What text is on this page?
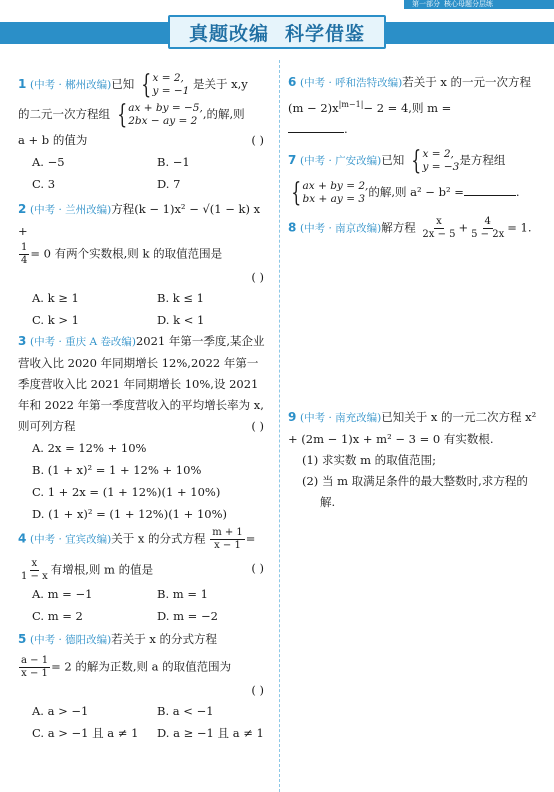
第一部分 核心母题分层练
真题改编 科学借鉴
1 (中考 · 郴州改编)已知 { x = 2,
y = −1 是关于 x,y
的二元一次方程组 { ax + by = −5,
2bx − ay = 2 ,的解,则
a + b 的值为	( )
A. −5	B. −1
C. 3	D. 7
2 (中考 · 兰州改编)方程(k − 1)x² − √(1 − k) x +
$\frac{1}{4} = 0$ 有两个实数根,则 k 的取值范围是
( )
A. k ≥ 1	B. k ≤ 1
C. k > 1	D. k < 1
3 (中考 · 重庆 A 卷改编)2021 年第一季度,某企业营收入比 2020 年同期增长 12%,2022 年第一季度营收入比 2021 年同期增长 10%,设 2021 年和 2022 年第一季度营收入的平均增长率为 x,则可列方程	( )
A. 2x = 12% + 10%
B. (1 + x)² = 1 + 12% + 10%
C. 1 + 2x = (1 + 12%)(1 + 10%)
D. (1 + x)² = (1 + 12%)(1 + 10%)
4 (中考 · 宜宾改编)关于 x 的分式方程 $\frac{m + 1}{x - 1}$ =
$\frac{x}{1 - x}$ 有增根,则 m 的值是	( )
A. m = −1	B. m = 1
C. m = 2	D. m = −2
5 (中考 · 德阳改编)若关于 x 的分式方程
$\frac{a - 1}{x - 1} = 2$ 的解为正数,则 a 的取值范围为
( )
A. a > −1	B. a < −1
C. a > −1 且 a ≠ 1	D. a ≥ −1 且 a ≠ 1
6 (中考 · 呼和浩特改编)若关于 x 的一元一次方程$(m - 2)x^{|m-1|}- 2 = 4$,则 m =
.
7 (中考 · 广安改编)已知 { x = 2,
y = −3 是方程组
{ ax + by = 2,
bx + ay = 3 的解,则 a² − b² =	.
8 (中考 · 南京改编)解方程 $\frac{x}{2x - 5} + \frac{4}{5 - 2x} = 1$.
9 (中考 · 南充改编)已知关于 x 的一元二次方程 x² + (2m − 1)x + m² − 3 = 0 有实数根.
(1) 求实数 m 的取值范围;
(2) 当 m 取满足条件的最大整数时,求方程的解.
